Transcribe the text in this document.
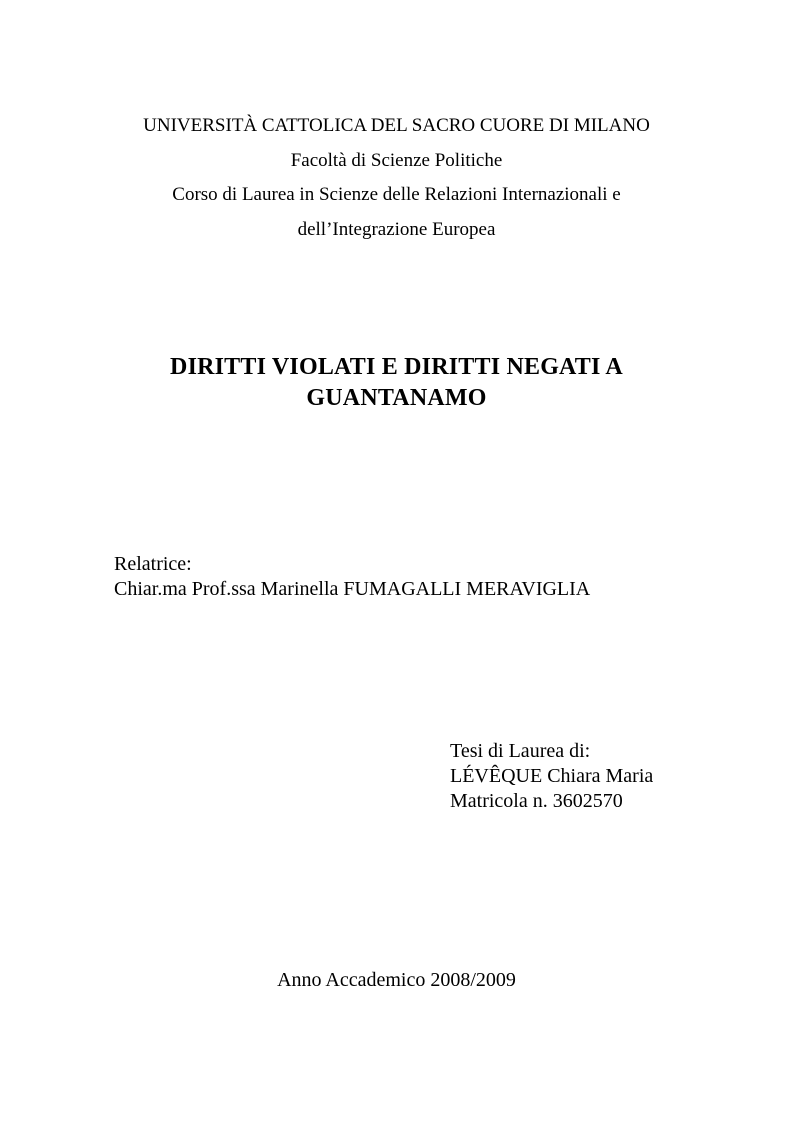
UNIVERSITÀ CATTOLICA DEL SACRO CUORE DI MILANO

Facoltà di Scienze Politiche

Corso di Laurea in Scienze delle Relazioni Internazionali e

dell’Integrazione Europea

DIRITTI VIOLATI E DIRITTI NEGATI A

GUANTANAMO

Relatrice:

Chiar.ma Prof.ssa Marinella FUMAGALLI MERAVIGLIA

Tesi di Laurea di:

LÉVÊQUE Chiara Maria

Matricola n. 3602570

Anno Accademico 2008/2009
